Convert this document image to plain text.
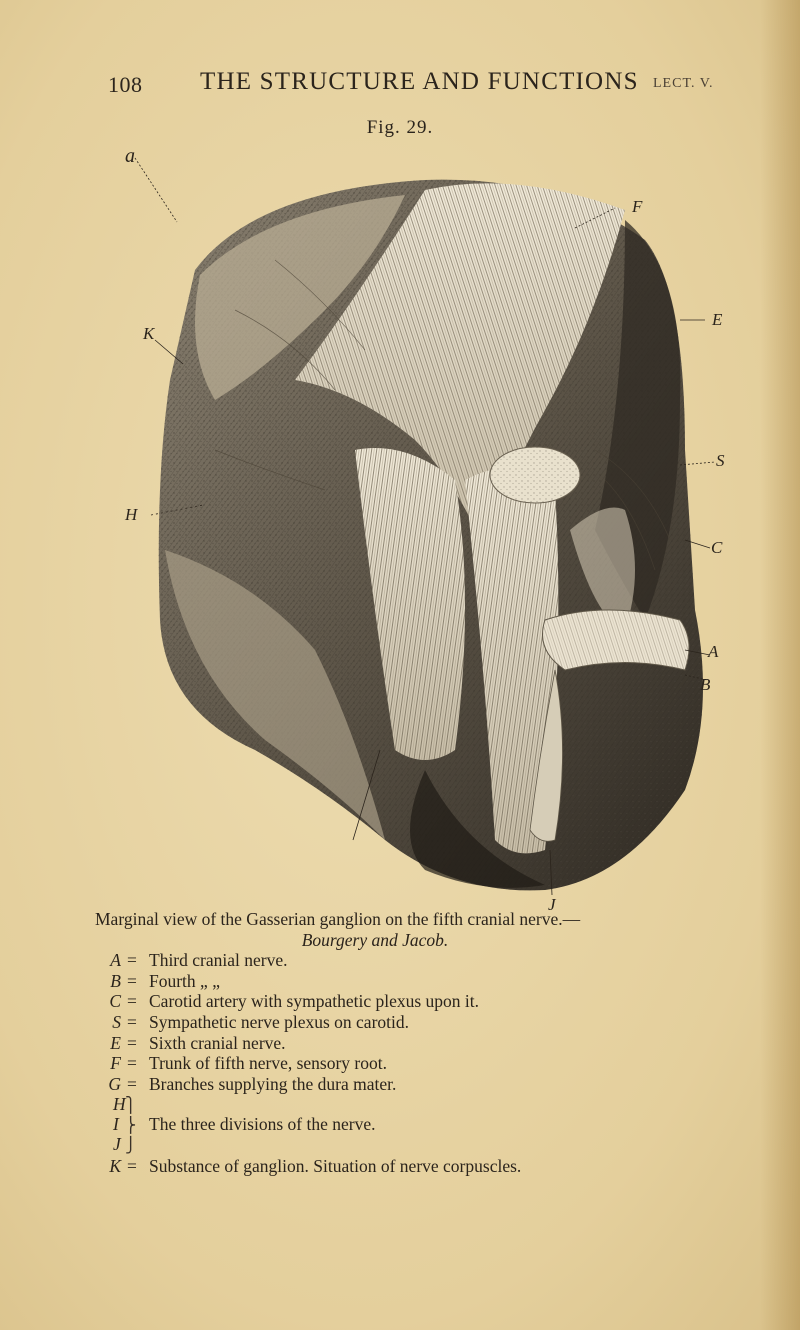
108 THE STRUCTURE AND FUNCTIONS LECT. V.
Fig. 29.
a
F
E
K
S
H
C
A
B
J
Marginal view of the Gasserian ganglion on the fifth cranial nerve.—
Bourgery and Jacob.
A = Third cranial nerve.
B = Fourth „ „
C = Carotid artery with sympathetic plexus upon it.
S = Sympathetic nerve plexus on carotid.
E = Sixth cranial nerve.
F = Trunk of fifth nerve, sensory root.
G = Branches supplying the dura mater.
H
I
J
⎫
⎬
⎭
The three divisions of the nerve.
K = Substance of ganglion. Situation of nerve corpuscles.
